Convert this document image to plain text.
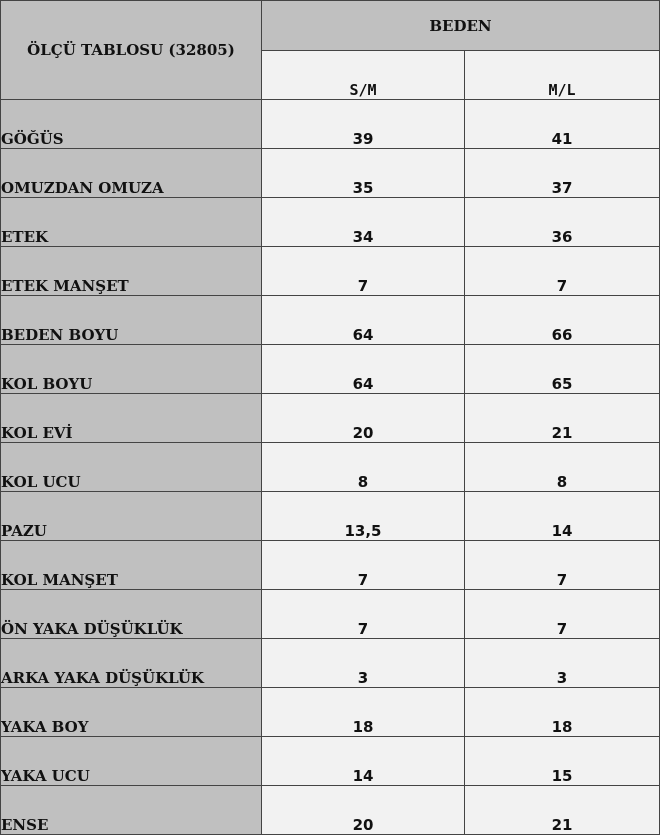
ÖLÇÜ TABLOSU (32805)	BEDEN	
	S/M	M/L
GÖĞÜS	39	41
OMUZDAN OMUZA	35	37
ETEK	34	36
ETEK MANŞET	7	7
BEDEN BOYU	64	66
KOL BOYU	64	65
KOL EVİ	20	21
KOL UCU	8	8
PAZU	13,5	14
KOL MANŞET	7	7
ÖN YAKA DÜŞÜKLÜK	7	7
ARKA YAKA DÜŞÜKLÜK	3	3
YAKA BOY	18	18
YAKA UCU	14	15
ENSE	20	21
